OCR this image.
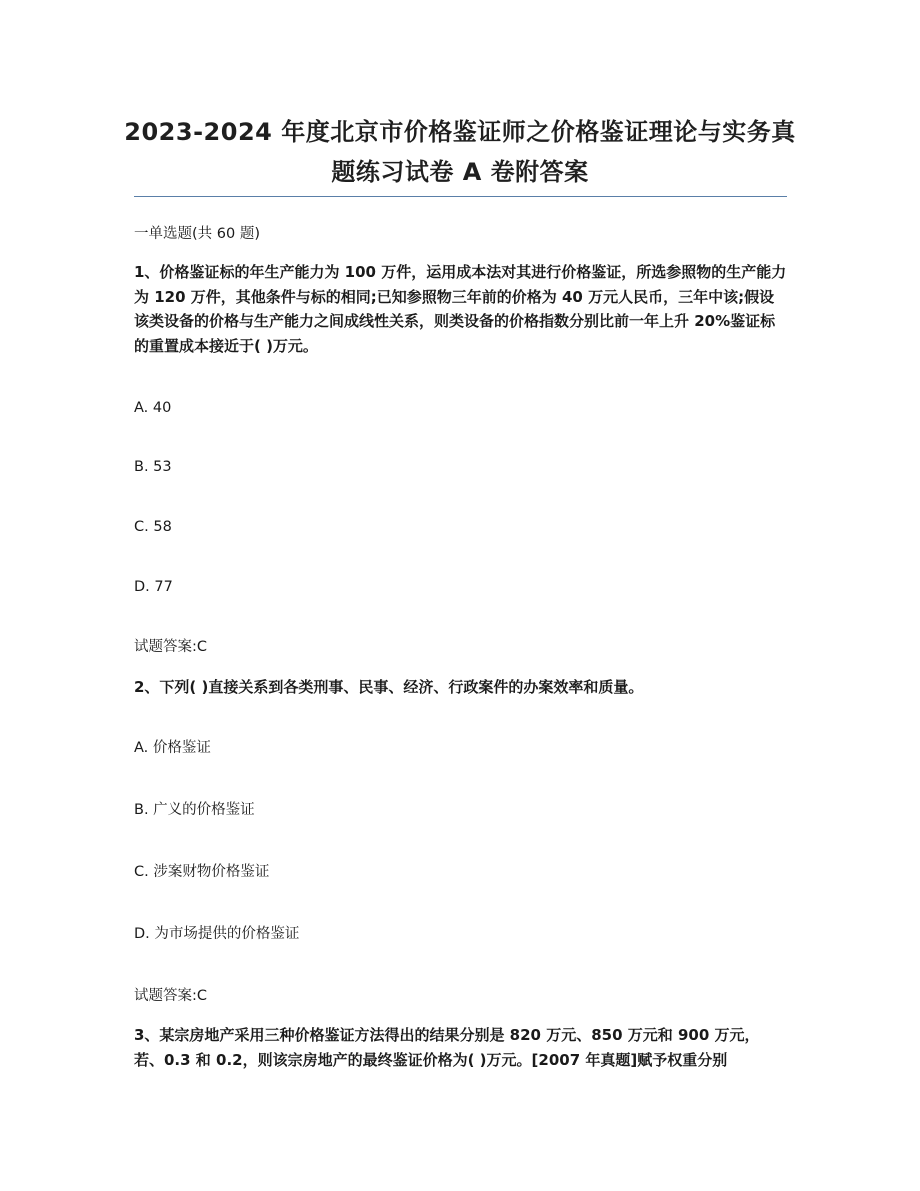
2023-2024 年度北京市价格鉴证师之价格鉴证理论与实务真
题练习试卷 A 卷附答案
一单选题(共 60 题)
1、价格鉴证标的年生产能力为 100 万件，运用成本法对其进行价格鉴证，所选参照物的生产能力为 120 万件，其他条件与标的相同;已知参照物三年前的价格为 40 万元人民币，三年中该;假设该类设备的价格与生产能力之间成线性关系，则类设备的价格指数分别比前一年上升 20%鉴证标的重置成本接近于( )万元。
A. 40
B. 53
C. 58
D. 77
试题答案:C
2、下列( )直接关系到各类刑事、民事、经济、行政案件的办案效率和质量。
A. 价格鉴证
B. 广义的价格鉴证
C. 涉案财物价格鉴证
D. 为市场提供的价格鉴证
试题答案:C
3、某宗房地产采用三种价格鉴证方法得出的结果分别是 820 万元、850 万元和 900 万元，若、0.3 和 0.2，则该宗房地产的最终鉴证价格为( )万元。[2007 年真题]赋予权重分别
